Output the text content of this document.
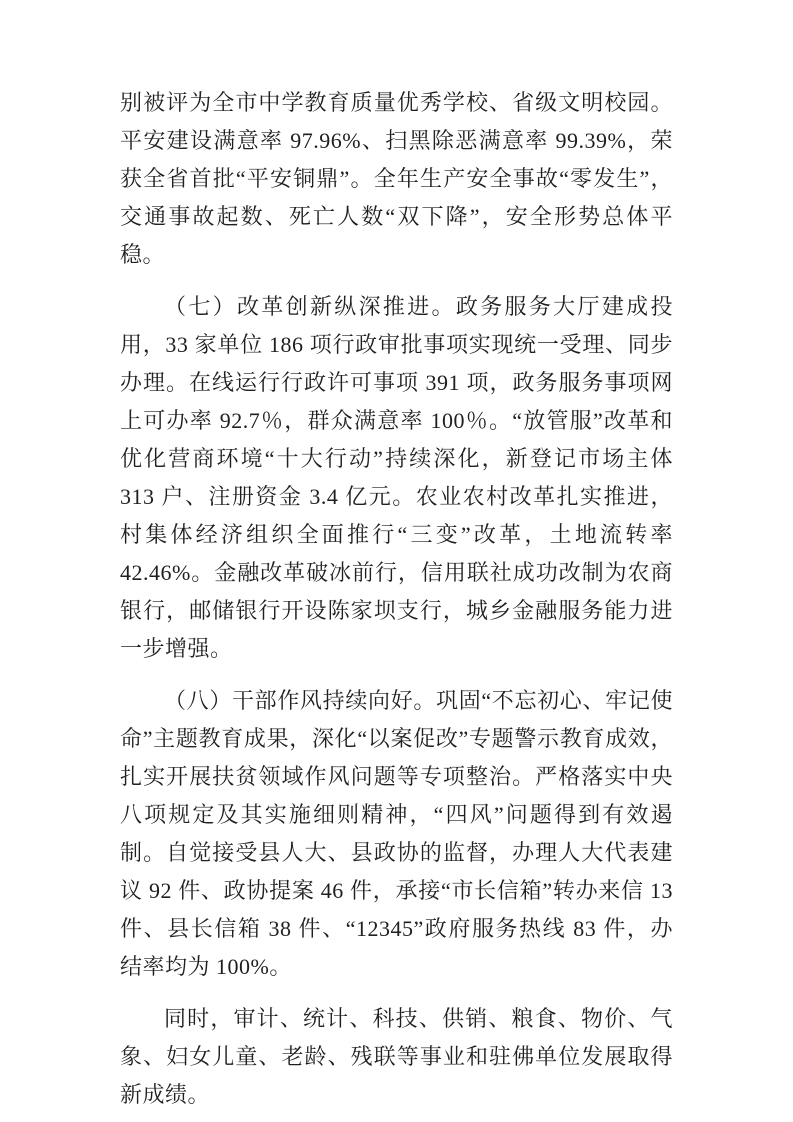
别被评为全市中学教育质量优秀学校、省级文明校园。平安建设满意率 97.96%、扫黑除恶满意率 99.39%，荣获全省首批“平安铜鼎”。全年生产安全事故“零发生”，交通事故起数、死亡人数“双下降”，安全形势总体平稳。

（七）改革创新纵深推进。政务服务大厅建成投用，33 家单位 186 项行政审批事项实现统一受理、同步办理。在线运行行政许可事项 391 项，政务服务事项网上可办率 92.7％，群众满意率 100％。“放管服”改革和优化营商环境“十大行动”持续深化，新登记市场主体 313 户、注册资金 3.4 亿元。农业农村改革扎实推进，村集体经济组织全面推行“三变”改革，土地流转率 42.46%。金融改革破冰前行，信用联社成功改制为农商银行，邮储银行开设陈家坝支行，城乡金融服务能力进一步增强。

（八）干部作风持续向好。巩固“不忘初心、牢记使命”主题教育成果，深化“以案促改”专题警示教育成效，扎实开展扶贫领域作风问题等专项整治。严格落实中央八项规定及其实施细则精神，“四风”问题得到有效遏制。自觉接受县人大、县政协的监督，办理人大代表建议 92 件、政协提案 46 件，承接“市长信箱”转办来信 13 件、县长信箱 38 件、“12345”政府服务热线 83 件，办结率均为 100%。

同时，审计、统计、科技、供销、粮食、物价、气象、妇女儿童、老龄、残联等事业和驻佛单位发展取得新成绩。
